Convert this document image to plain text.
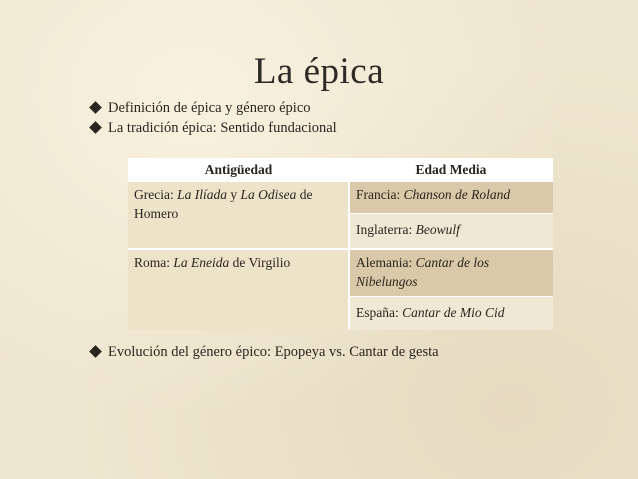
La épica
Definición de épica y género épico
La tradición épica: Sentido fundacional
Antigüedad	Edad Media
Grecia: La Ilíada y La Odisea de Homero	Francia: Chanson de Roland
	Inglaterra: Beowulf
Roma: La Eneida de Virgilio	Alemania: Cantar de los Nibelungos
	España: Cantar de Mio Cid
Evolución del género épico: Epopeya vs. Cantar de gesta
